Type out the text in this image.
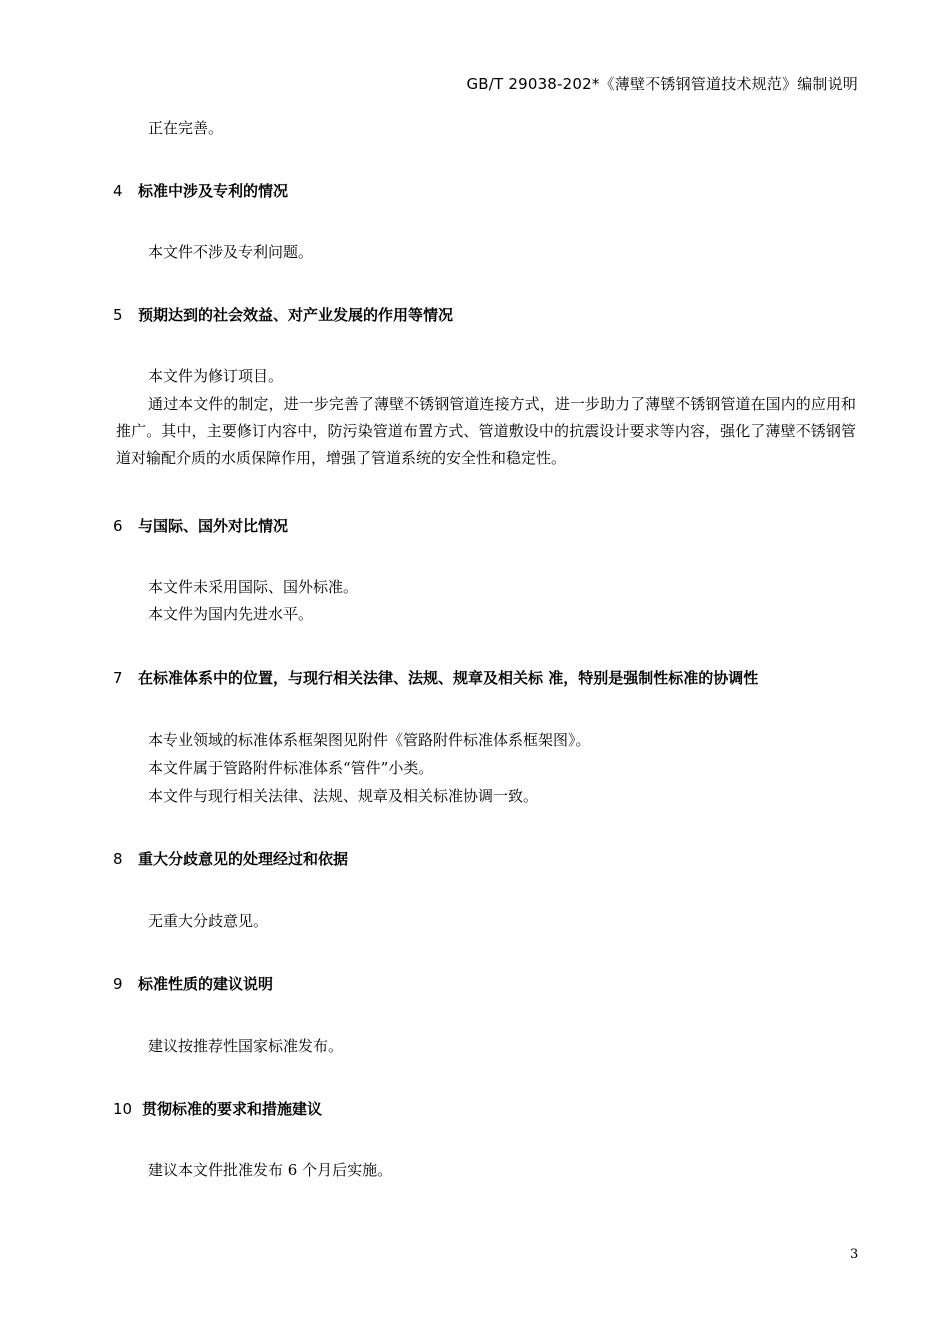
GB/T 29038-202*《薄壁不锈钢管道技术规范》编制说明
正在完善。
4 标准中涉及专利的情况
本文件不涉及专利问题。
5 预期达到的社会效益、对产业发展的作用等情况
本文件为修订项目。
通过本文件的制定，进一步完善了薄壁不锈钢管道连接方式，进一步助力了薄壁不锈钢管道在国内的应用和推广。其中，主要修订内容中，防污染管道布置方式、管道敷设中的抗震设计要求等内容，强化了薄壁不锈钢管道对输配介质的水质保障作用，增强了管道系统的安全性和稳定性。
6 与国际、国外对比情况
本文件未采用国际、国外标准。
本文件为国内先进水平。
7 在标准体系中的位置，与现行相关法律、法规、规章及相关标 准，特别是强制性标准的协调性
本专业领域的标准体系框架图见附件《管路附件标准体系框架图》。
本文件属于管路附件标准体系“管件”小类。
本文件与现行相关法律、法规、规章及相关标准协调一致。
8 重大分歧意见的处理经过和依据
无重大分歧意见。
9 标准性质的建议说明
建议按推荐性国家标准发布。
10 贯彻标准的要求和措施建议
建议本文件批准发布 6 个月后实施。
3
